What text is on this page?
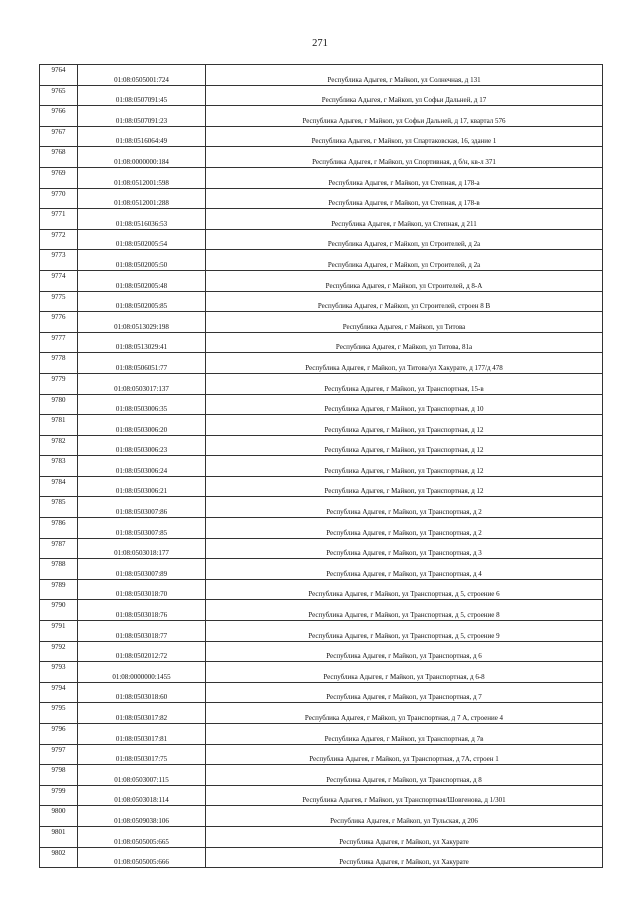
271
9764	01:08:0505001:724	Республика Адыгея, г Майкоп, ул Солнечная, д 131
9765	01:08:0507091:45	Республика Адыгея, г Майкоп, ул Софьи Дальней, д 17
9766	01:08:0507091:23	Республика Адыгея, г Майкоп, ул Софьи Дальней, д 17, квартал 576
9767	01:08:0516064:49	Республика Адыгея, г Майкоп, ул Спартаковская, 16, здание 1
9768	01:08:0000000:184	Республика Адыгея, г Майкоп, ул Спортивная, д б/н, кв-л 371
9769	01:08:0512001:598	Республика Адыгея, г Майкоп, ул Степная, д 178-а
9770	01:08:0512001:288	Республика Адыгея, г Майкоп, ул Степная, д 178-в
9771	01:08:0516036:53	Республика Адыгея, г Майкоп, ул Степная, д 211
9772	01:08:0502005:54	Республика Адыгея, г Майкоп, ул Строителей, д 2а
9773	01:08:0502005:50	Республика Адыгея, г Майкоп, ул Строителей, д 2а
9774	01:08:0502005:48	Республика Адыгея, г Майкоп, ул Строителей, д 8-А
9775	01:08:0502005:85	Республика Адыгея, г Майкоп, ул Строителей, строен 8 В
9776	01:08:0513029:198	Республика Адыгея, г Майкоп, ул Титова
9777	01:08:0513029:41	Республика Адыгея, г Майкоп, ул Титова, 81а
9778	01:08:0506051:77	Республика Адыгея, г Майкоп, ул Титова/ул Хакурате, д 177/д 478
9779	01:08:0503017:137	Республика Адыгея, г Майкоп, ул Транспортная, 15-в
9780	01:08:0503006:35	Республика Адыгея, г Майкоп, ул Транспортная, д 10
9781	01:08:0503006:20	Республика Адыгея, г Майкоп, ул Транспортная, д 12
9782	01:08:0503006:23	Республика Адыгея, г Майкоп, ул Транспортная, д 12
9783	01:08:0503006:24	Республика Адыгея, г Майкоп, ул Транспортная, д 12
9784	01:08:0503006:21	Республика Адыгея, г Майкоп, ул Транспортная, д 12
9785	01:08:0503007:86	Республика Адыгея, г Майкоп, ул Транспортная, д 2
9786	01:08:0503007:85	Республика Адыгея, г Майкоп, ул Транспортная, д 2
9787	01:08:0503018:177	Республика Адыгея, г Майкоп, ул Транспортная, д 3
9788	01:08:0503007:89	Республика Адыгея, г Майкоп, ул Транспортная, д 4
9789	01:08:0503018:70	Республика Адыгея, г Майкоп, ул Транспортная, д 5, строение 6
9790	01:08:0503018:76	Республика Адыгея, г Майкоп, ул Транспортная, д 5, строение 8
9791	01:08:0503018:77	Республика Адыгея, г Майкоп, ул Транспортная, д 5, строение 9
9792	01:08:0502012:72	Республика Адыгея, г Майкоп, ул Транспортная, д 6
9793	01:08:0000000:1455	Республика Адыгея, г Майкоп, ул Транспортная, д 6-8
9794	01:08:0503018:60	Республика Адыгея, г Майкоп, ул Транспортная, д 7
9795	01:08:0503017:82	Республика Адыгея, г Майкоп, ул Транспортная, д 7 А, строение 4
9796	01:08:0503017:81	Республика Адыгея, г Майкоп, ул Транспортная, д 7в
9797	01:08:0503017:75	Республика Адыгея, г Майкоп, ул Транспортная, д 7А, строен 1
9798	01:08:0503007:115	Республика Адыгея, г Майкоп, ул Транспортная, д 8
9799	01:08:0503018:114	Республика Адыгея, г Майкоп, ул Транспортная/Шовгенова, д 1/301
9800	01:08:0509038:106	Республика Адыгея, г Майкоп, ул Тульская, д 206
9801	01:08:0505005:665	Республика Адыгея, г Майкоп, ул Хакурате
9802	01:08:0505005:666	Республика Адыгея, г Майкоп, ул Хакурате
